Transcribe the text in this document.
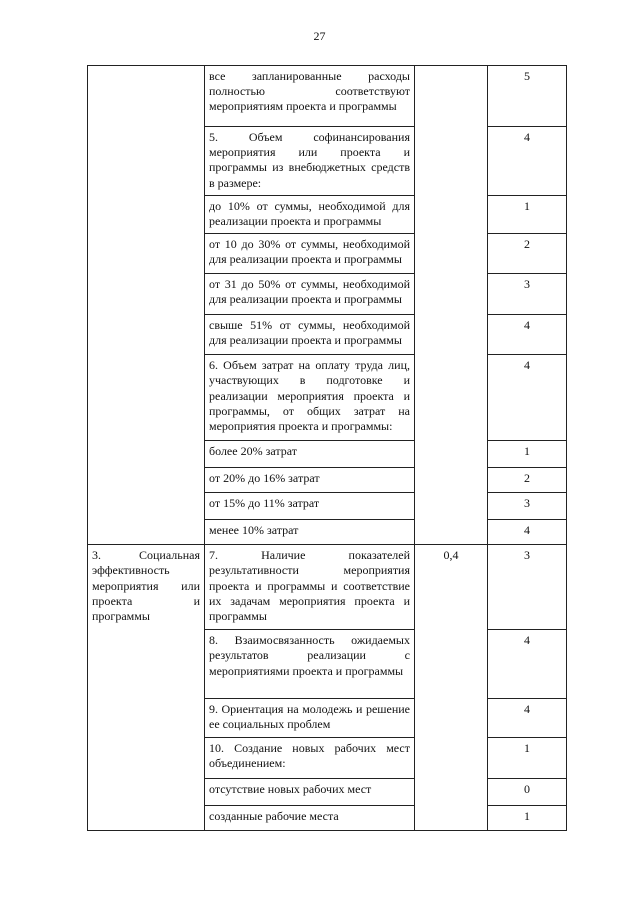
27
	все запланированные расходы полностью соответствуют мероприятиям проекта и программы		5
	5. Объем софинансирования мероприятия или проекта и программы из внебюджетных средств в размере:		4
	до 10% от суммы, необходимой для реализации проекта и программы		1
	от 10 до 30% от суммы, необходимой для реализации проекта и программы		2
	от 31 до 50% от суммы, необходимой для реализации проекта и программы		3
	свыше 51% от суммы, необходимой для реализации проекта и программы		4
	6. Объем затрат на оплату труда лиц, участвующих в подготовке и реализации мероприятия проекта и программы, от общих затрат на мероприятия проекта и программы:		4
	более 20% затрат		1
	от 20% до 16% затрат		2
	от 15% до 11% затрат		3
	менее 10% затрат		4
3. Социальная эффективность мероприятия или проекта и программы	7. Наличие показателей результативности мероприятия проекта и программы и соответствие их задачам мероприятия проекта и программы	0,4	3
	8. Взаимосвязанность ожидаемых результатов реализации с мероприятиями проекта и программы		4
	9. Ориентация на молодежь и решение ее социальных проблем		4
	10. Создание новых рабочих мест объединением:		1
	отсутствие новых рабочих мест		0
	созданные рабочие места		1
